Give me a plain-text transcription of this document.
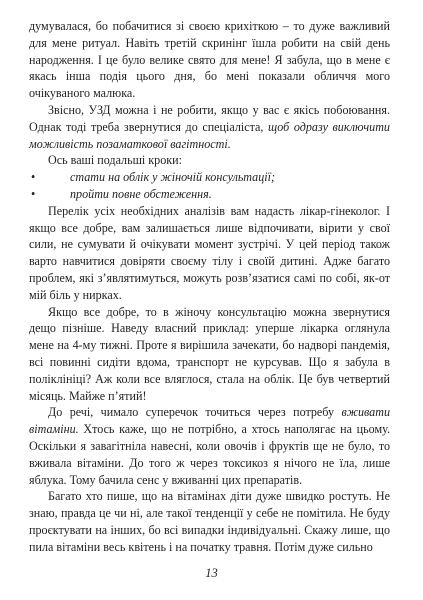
думувалася, бо побачитися зі своєю крихіткою – то дуже важливий для мене ритуал. Навіть третій скринінг їшла робити на свій день народження. І це було велике свято для мене! Я забула, що в мене є якась інша подія цього дня, бо мені показали обличчя мого очікуваного малюка.

Звісно, УЗД можна і не робити, якщо у вас є якісь побоювання. Однак тоді треба звернутися до спеціаліста, щоб одразу виключити можливість позаматкової вагітності.

Ось ваші подальші кроки:

•	стати на облік у жіночій консультації;
•	пройти повне обстеження.

Перелік усіх необхідних аналізів вам надасть лікар-гінеколог. І якщо все добре, вам залишається лише відпочивати, вірити у свої сили, не сумувати й очікувати момент зустрічі. У цей період також варто навчитися довіряти своєму тілу і своїй дитині. Адже багато проблем, які з’являтимуться, можуть розв’язатися самі по собі, як-от мій біль у нирках.

Якщо все добре, то в жіночу консультацію можна звернутися дещо пізніше. Наведу власний приклад: уперше лікарка оглянула мене на 4-му тижні. Проте я вирішила зачекати, бо надворі пандемія, всі повинні сидіти вдома, транспорт не курсував. Що я забула в поліклініці? Аж коли все вляглося, стала на облік. Це був четвертий місяць. Майже п’ятий!

До речі, чимало суперечок точиться через потребу вживати вітаміни. Хтось каже, що не потрібно, а хтось наполягає на цьому. Оскільки я завагітніла навесні, коли овочів і фруктів ще не було, то вживала вітаміни. До того ж через токсикоз я нічого не їла, лише яблука. Тому бачила сенс у вживанні цих препаратів.

Багато хто пише, що на вітамінах діти дуже швидко ростуть. Не знаю, правда це чи ні, але такої тенденції у себе не помітила. Не буду проєктувати на інших, бо всі випадки індивідуальні. Скажу лише, що пила вітаміни весь квітень і на початку травня. Потім дуже сильно

13
